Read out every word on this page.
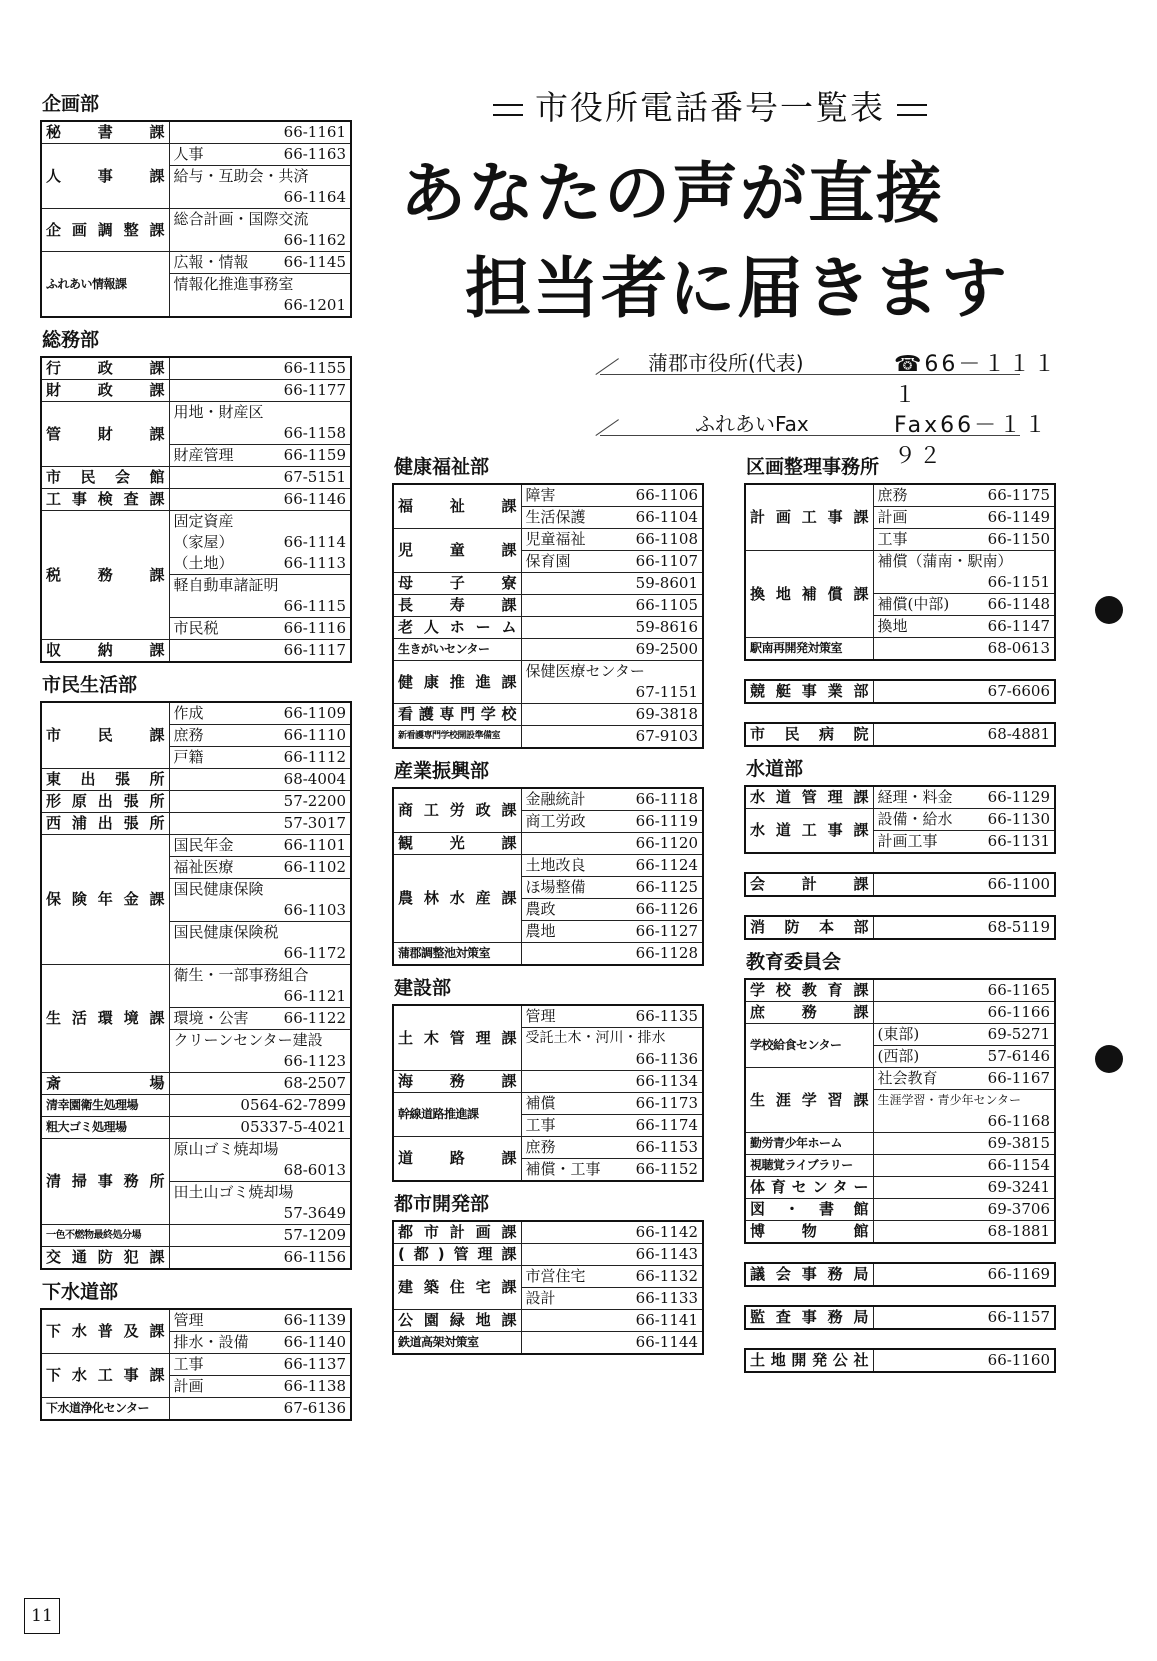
市役所電話番号一覧表
あなたの声が直接
担当者に届きます
蒲郡市役所(代表)	☎66－１１１１
ふれあいFax	Fax66－１１９２
11
企画部
秘　書　課	66-1161
人　事　課	人事 66-1163

	給与・互助会・共済
	66-1164
企画調整課	総合計画・国際交流
	66-1162
ふれあい情報課	広報・情報 66-1145

	情報化推進事務室
	66-1201
総務部
行　政　課	66-1155
財　政　課	66-1177
管　財　課	用地・財産区
	66-1158

	財産管理 66-1159

市民会館	67-5151
工事検査課	66-1146
税　務　課	固定資産

	（家屋） 66-1114

	（土地） 66-1113

	軽自動車諸証明
	66-1115

	市民税 66-1116

収　納　課	66-1117
市民生活部
市　民　課	作成 66-1109

	庶務 66-1110

	戸籍 66-1112

東出張所	68-4004
形原出張所	57-2200
西浦出張所	57-3017
保険年金課	国民年金 66-1101

	福祉医療 66-1102

	国民健康保険
	66-1103
	国民健康保険税
	66-1172
生活環境課	衛生・一部事務組合
	66-1121

	環境・公害 66-1122

	クリーンセンター建設
	66-1123
斎　　　場	68-2507
清幸園衛生処理場	0564-62-7899
粗大ゴミ処理場	05337-5-4021
清掃事務所	原山ゴミ焼却場
	68-6013
	田土山ゴミ焼却場
	57-3649
一色不燃物最終処分場	57-1209
交通防犯課	66-1156
下水道部
下水普及課	管理 66-1139

	排水・設備 66-1140

下水工事課	工事 66-1137

	計画 66-1138

下水道浄化センター	67-6136
健康福祉部
福　祉　課	障害 66-1106

	生活保護 66-1104

児　童　課	児童福祉 66-1108

	保育園 66-1107

母　子　寮	59-8601
長　寿　課	66-1105
老人ホーム	59-8616
生きがいセンター	69-2500
健康推進課	保健医療センター
	67-1151
看護専門学校	69-3818
新看護専門学校開設準備室	67-9103
産業振興部
商工労政課	金融統計 66-1118

	商工労政 66-1119

観　光　課	66-1120
農林水産課	土地改良 66-1124

	ほ場整備 66-1125

	農政 66-1126

	農地 66-1127

蒲郡調整池対策室	66-1128
建設部
土木管理課	管理 66-1135

	受託土木・河川・排水
	66-1136
海　務　課	66-1134
幹線道路推進課	補償 66-1173

	工事 66-1174

道　路　課	庶務 66-1153

	補償・工事 66-1152
都市開発部
都市計画課	66-1142
(都)管理課	66-1143
建築住宅課	市営住宅 66-1132

	設計 66-1133

公園緑地課	66-1141
鉄道高架対策室	66-1144
区画整理事務所
計画工事課	庶務 66-1175

	計画 66-1149

	工事 66-1150

換地補償課	補償（蒲南・駅南）
	66-1151

	補償(中部) 66-1148

	換地 66-1147

駅南再開発対策室	68-0613
競艇事業部	67-6606
市　民　病　院	68-4881
水道部
水道管理課	経理・料金 66-1129

水道工事課	設備・給水 66-1130

	計画工事 66-1131
会　計　課	66-1100
消防本部	68-5119
教育委員会
学校教育課	66-1165
庶　務　課	66-1166
学校給食センター	(東部) 69-5271

	(西部) 57-6146

生涯学習課	社会教育 66-1167

	生涯学習・青少年センター
	66-1168
勤労青少年ホーム	69-3815
視聴覚ライブラリー	66-1154
体育センター	69-3241
図・書館	69-3706
博　物　館	68-1881
議会事務局	66-1169
監査事務局	66-1157
土地開発公社	66-1160
